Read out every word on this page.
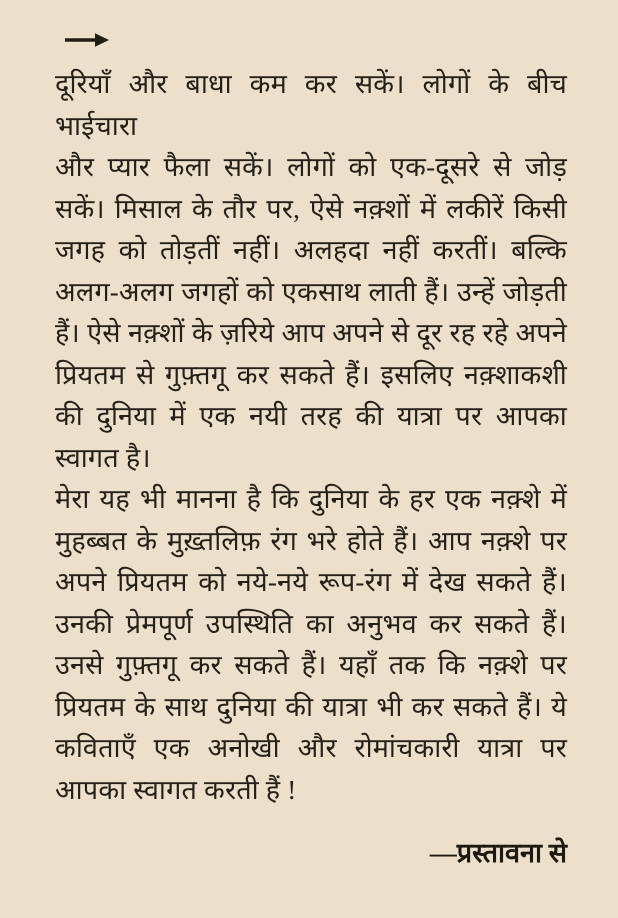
दूरियाँ और बाधा कम कर सकें। लोगों के बीच भाईचारा
और प्यार फैला सकें। लोगों को एक-दूसरे से जोड़
सकें। मिसाल के तौर पर, ऐसे नक़्शों में लकीरें किसी
जगह को तोड़तीं नहीं। अलहदा नहीं करतीं। बल्कि
अलग-अलग जगहों को एकसाथ लाती हैं। उन्हें जोड़ती
हैं। ऐसे नक़्शों के ज़रिये आप अपने से दूर रह रहे अपने
प्रियतम से गुफ़्तगू कर सकते हैं। इसलिए नक़्शाकशी
की दुनिया में एक नयी तरह की यात्रा पर आपका
स्वागत है।
मेरा यह भी मानना है कि दुनिया के हर एक नक़्शे में
मुहब्बत के मुख़्तलिफ़ रंग भरे होते हैं। आप नक़्शे पर
अपने प्रियतम को नये-नये रूप-रंग में देख सकते हैं।
उनकी प्रेमपूर्ण उपस्थिति का अनुभव कर सकते हैं।
उनसे गुफ़्तगू कर सकते हैं। यहाँ तक कि नक़्शे पर
प्रियतम के साथ दुनिया की यात्रा भी कर सकते हैं। ये
कविताएँ एक अनोखी और रोमांचकारी यात्रा पर
आपका स्वागत करती हैं !
—प्रस्तावना से
